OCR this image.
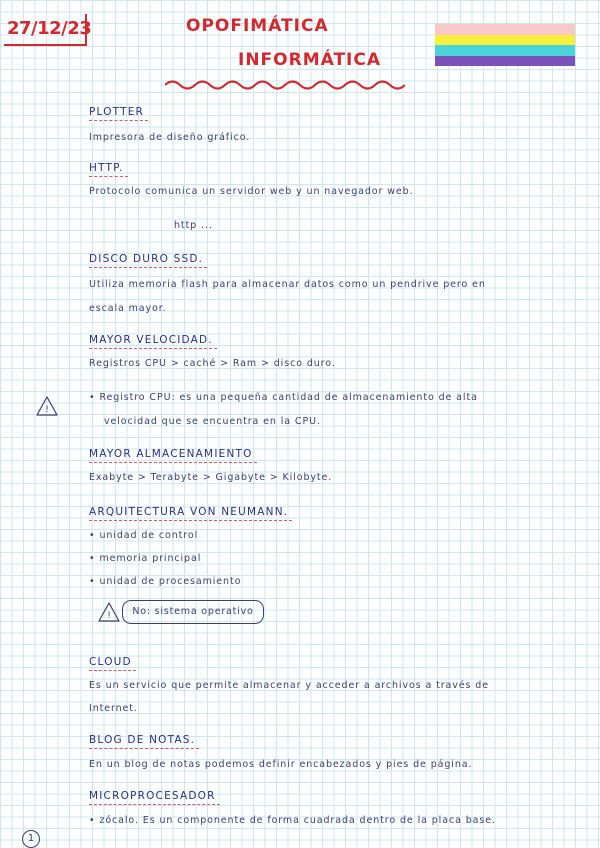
27/12/23	OPOFIMÁTICA
INFORMÁTICA
PLOTTER
Impresora de diseño gráfico.
HTTP.
Protocolo comunica un servidor web y un navegador web.
http ...
DISCO DURO SSD.
Utiliza memoria flash para almacenar datos como un pendrive pero en
escala mayor.
MAYOR VELOCIDAD.
Registros CPU > caché > Ram > disco duro.
!
• Registro CPU: es una pequeña cantidad de almacenamiento de alta
velocidad que se encuentra en la CPU.
MAYOR ALMACENAMIENTO
Exabyte > Terabyte > Gigabyte > Kilobyte.
ARQUITECTURA VON NEUMANN.
• unidad de control
• memoria principal
• unidad de procesamiento
!	No: sistema operativo
CLOUD
Es un servicio que permite almacenar y acceder a archivos a través de
Internet.
BLOG DE NOTAS.
En un blog de notas podemos definir encabezados y pies de página.
MICROPROCESADOR
• zócalo. Es un componente de forma cuadrada dentro de la placa base.
1
